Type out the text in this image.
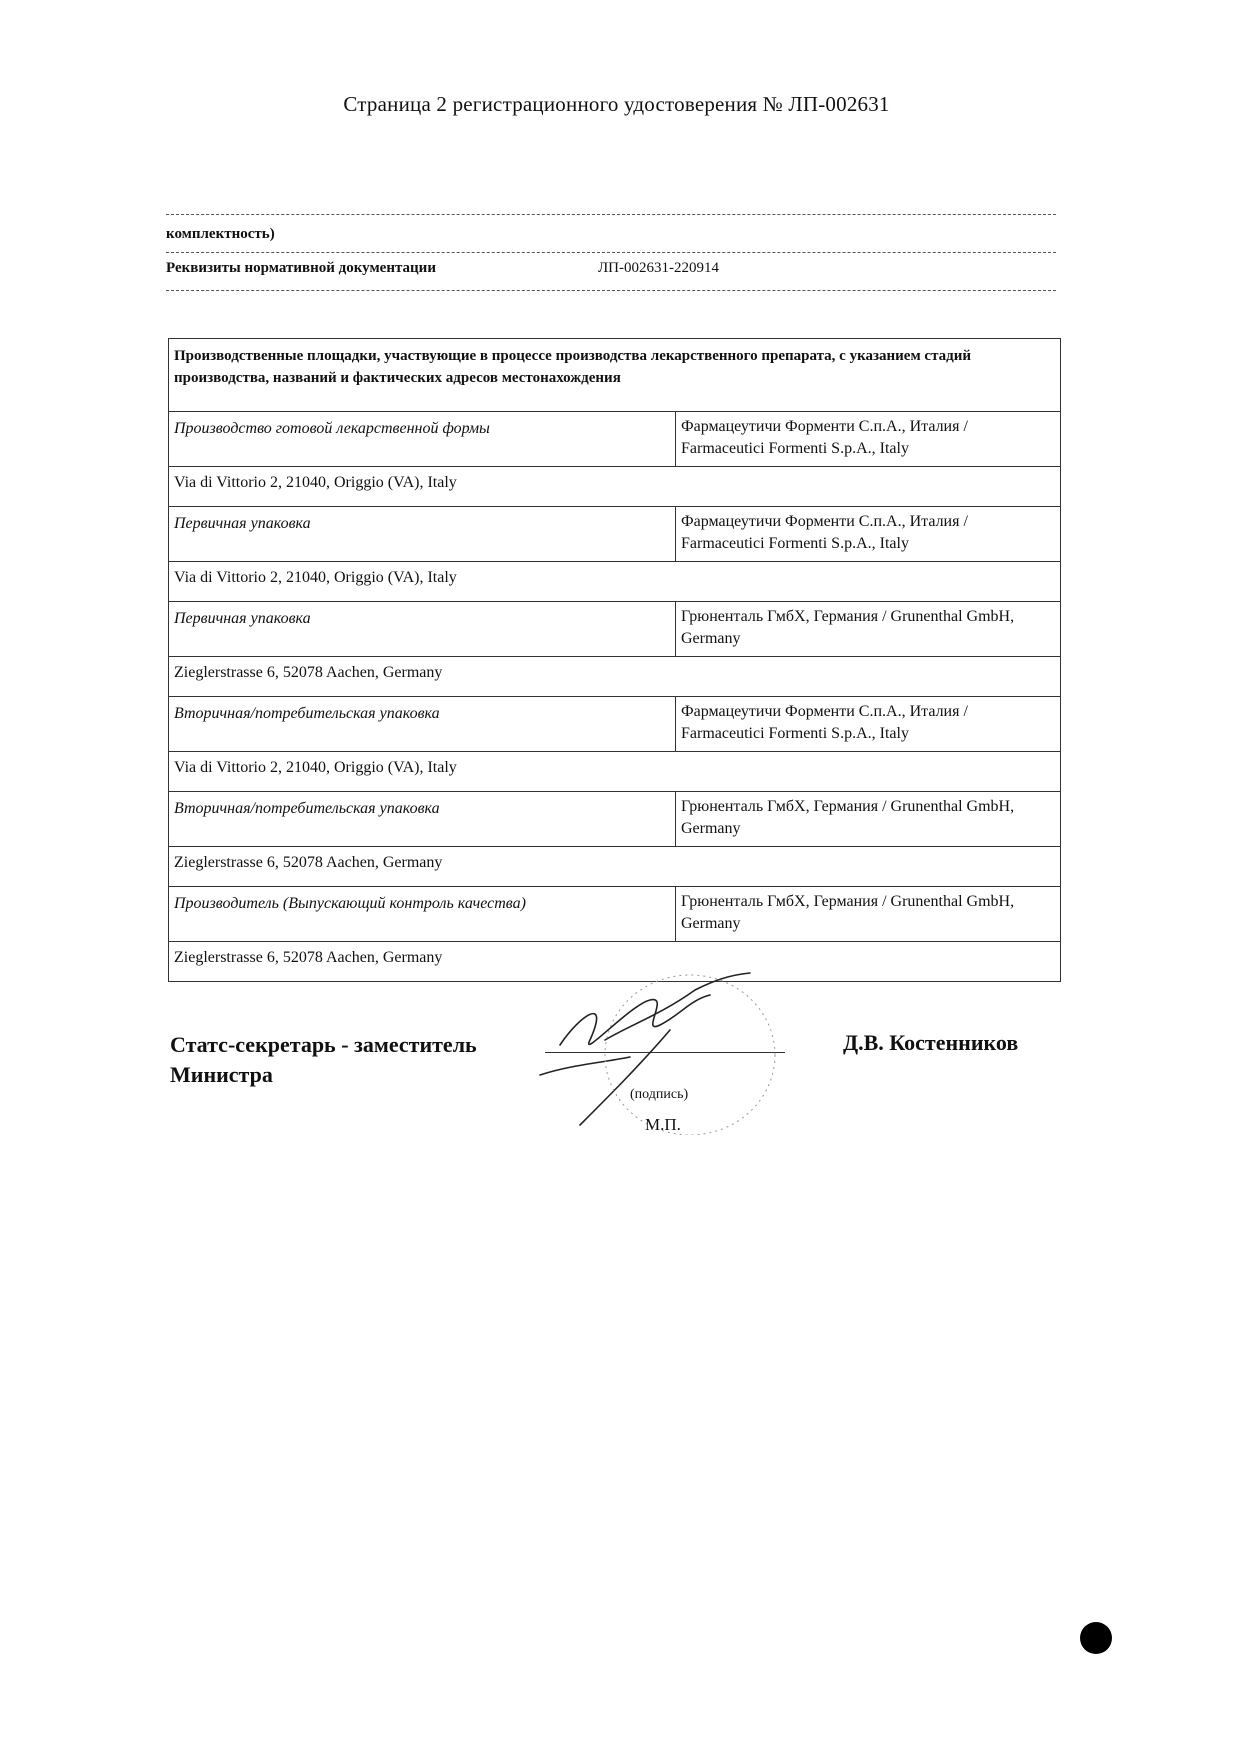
Страница 2 регистрационного удостоверения № ЛП-002631
комплектность)
Реквизиты нормативной документации	ЛП-002631-220914
Производственные площадки, участвующие в процессе производства лекарственного препарата, с указанием стадий производства, названий и фактических адресов местонахождения	
Производство готовой лекарственной формы	Фармацеутичи Форменти С.п.А., Италия / Farmaceutici Formenti S.p.A., Italy
Via di Vittorio 2, 21040, Origgio (VA), Italy	
Первичная упаковка	Фармацеутичи Форменти С.п.А., Италия / Farmaceutici Formenti S.p.A., Italy
Via di Vittorio 2, 21040, Origgio (VA), Italy	
Первичная упаковка	Грюненталь ГмбХ, Германия / Grunenthal GmbH, Germany
Zieglerstrasse 6, 52078 Aachen, Germany	
Вторичная/потребительская упаковка	Фармацеутичи Форменти С.п.А., Италия / Farmaceutici Formenti S.p.A., Italy
Via di Vittorio 2, 21040, Origgio (VA), Italy	
Вторичная/потребительская упаковка	Грюненталь ГмбХ, Германия / Grunenthal GmbH, Germany
Zieglerstrasse 6, 52078 Aachen, Germany	
Производитель (Выпускающий контроль качества)	Грюненталь ГмбХ, Германия / Grunenthal GmbH, Germany
Zieglerstrasse 6, 52078 Aachen, Germany	
Статс-секретарь - заместитель
Министра
Д.В. Костенников
(подпись)
М.П.
